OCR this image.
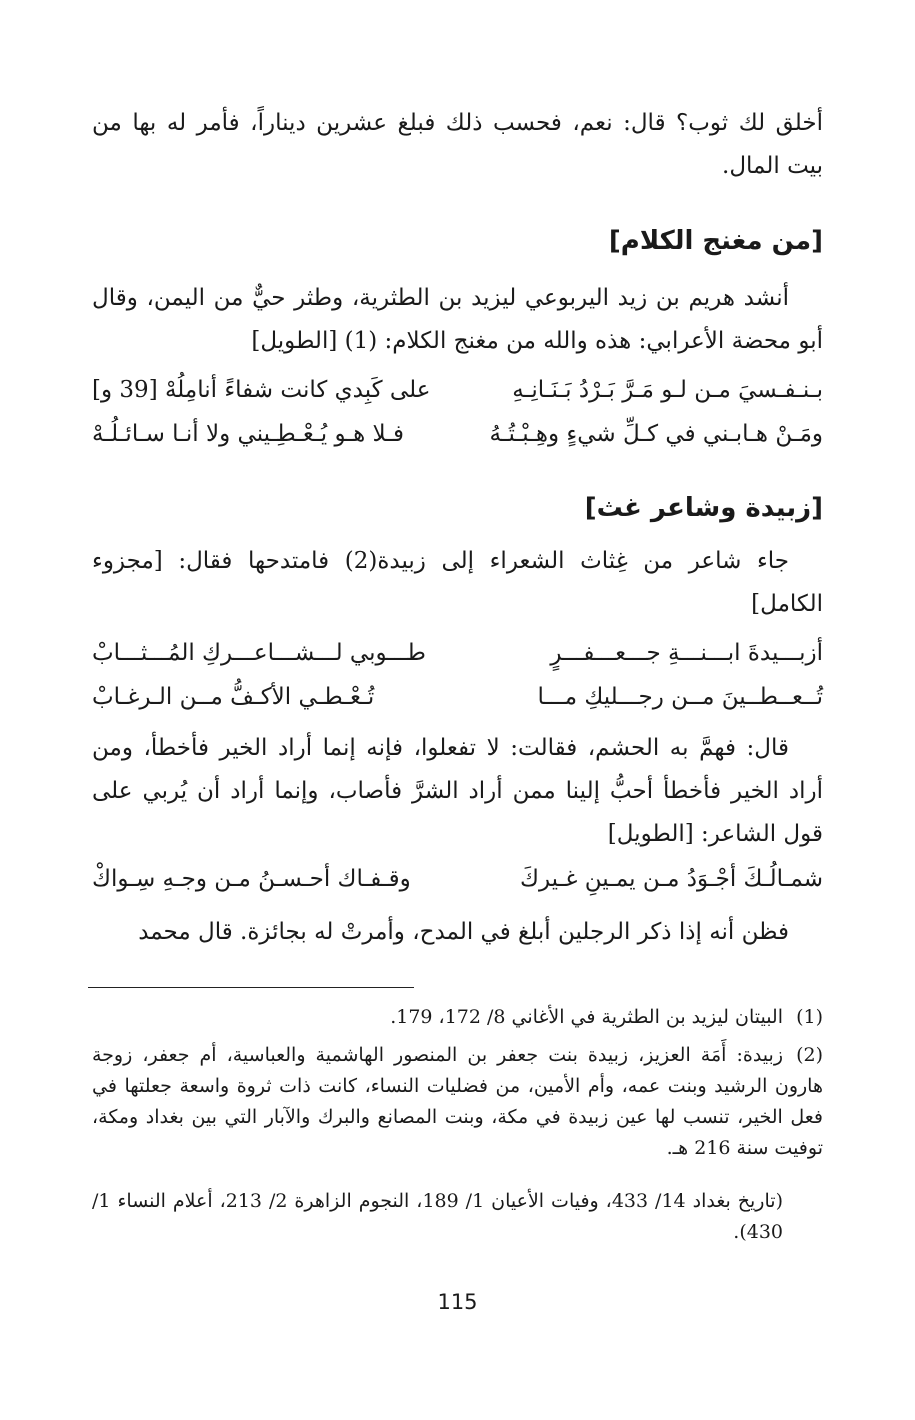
أخلق لك ثوب؟ قال: نعم، فحسب ذلك فبلغ عشرين ديناراً، فأمر له بها من بيت المال.
[من مغنج الكلام]
أنشد هريم بن زيد اليربوعي ليزيد بن الطثرية، وطثر حيٌّ من اليمن، وقال أبو محضة الأعرابي: هذه والله من مغنج الكلام: (1) [الطويل]
بـنـفـسيَ مـن لـو مَـرَّ بَـرْدُ بَـنَـانِـهِ
على كَبِدي كانت شفاءً أنامِلُهْ [39 و]
ومَـنْ هـابـني في كـلِّ شيءٍ وهِـبْـتُـهُ
فـلا هـو يُـعْـطِـيني ولا أنـا سـائـلُـهْ
[زبيدة وشاعر غث]
جاء شاعر من غِثاث الشعراء إلى زبيدة(2) فامتدحها فقال: [مجزوء الكامل]
أزبـــيدةَ ابـــنـــةِ جـــعـــفـــرٍ
طـــوبي لـــشـــاعـــركِ المُـــثـــابْ
تُــعــطــينَ مــن رجـــليكِ مـــا
تُـعْـطـي الأكـفُّ مــن الـرغـابْ
قال: فهمَّ به الحشم، فقالت: لا تفعلوا، فإنه إنما أراد الخير فأخطأ، ومن أراد الخير فأخطأ أحبُّ إلينا ممن أراد الشرَّ فأصاب، وإنما أراد أن يُربي على قول الشاعر: [الطويل]
شمـالُـكَ أجْـوَدُ مـن يمـينِ غـيركَ
وقـفـاك أحـسـنُ مـن وجـهِ سِـواكْ
فظن أنه إذا ذكر الرجلين أبلغ في المدح، وأمرتْ له بجائزة. قال محمد
(1)البيتان ليزيد بن الطثرية في الأغاني 8/ 172، 179.
(2)زبيدة: أَمَة العزيز، زبيدة بنت جعفر بن المنصور الهاشمية والعباسية، أم جعفر، زوجة هارون الرشيد وبنت عمه، وأم الأمين، من فضليات النساء، كانت ذات ثروة واسعة جعلتها في فعل الخير، تنسب لها عين زبيدة في مكة، وبنت المصانع والبرك والآبار التي بين بغداد ومكة، توفيت سنة 216 هـ.
(تاريخ بغداد 14/ 433، وفيات الأعيان 1/ 189، النجوم الزاهرة 2/ 213، أعلام النساء 1/ 430).
115
